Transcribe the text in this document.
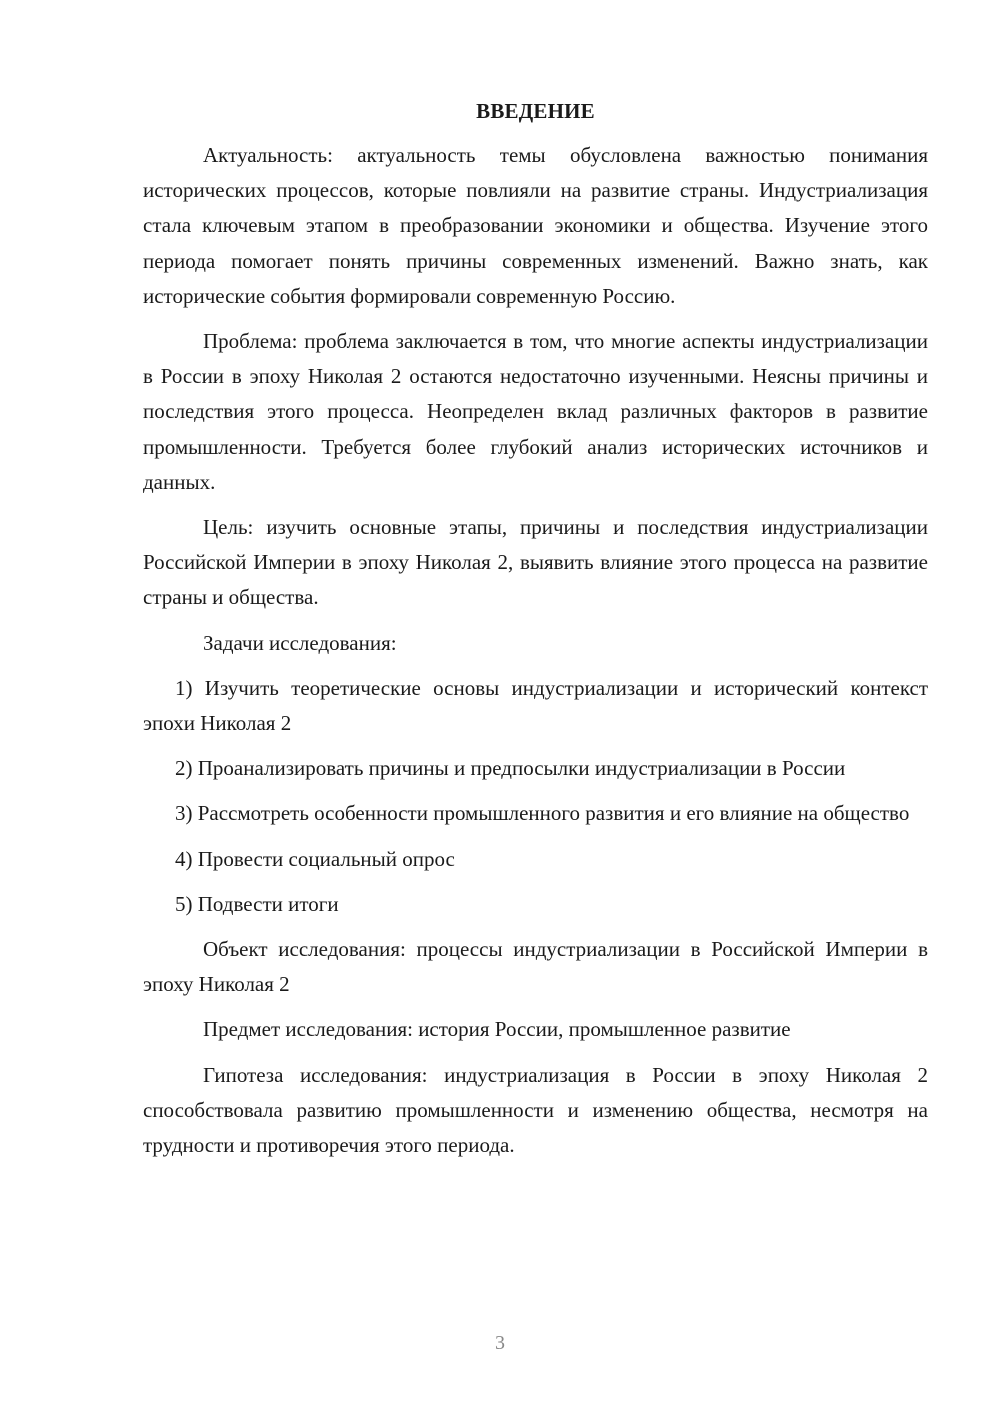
ВВЕДЕНИЕ

Актуальность: актуальность темы обусловлена важностью понимания исторических процессов, которые повлияли на развитие страны. Индустриализация стала ключевым этапом в преобразовании экономики и общества. Изучение этого периода помогает понять причины современных изменений. Важно знать, как исторические события формировали современную Россию.

Проблема: проблема заключается в том, что многие аспекты индустриализации в России в эпоху Николая 2 остаются недостаточно изученными. Неясны причины и последствия этого процесса. Неопределен вклад различных факторов в развитие промышленности. Требуется более глубокий анализ исторических источников и данных.

Цель: изучить основные этапы, причины и последствия индустриализации Российской Империи в эпоху Николая 2, выявить влияние этого процесса на развитие страны и общества.

Задачи исследования:

1) Изучить теоретические основы индустриализации и исторический контекст эпохи Николая 2

2) Проанализировать причины и предпосылки индустриализации в России

3) Рассмотреть особенности промышленного развития и его влияние на общество

4) Провести социальный опрос

5) Подвести итоги

Объект исследования: процессы индустриализации в Российской Империи в эпоху Николая 2

Предмет исследования: история России, промышленное развитие

Гипотеза исследования: индустриализация в России в эпоху Николая 2 способствовала развитию промышленности и изменению общества, несмотря на трудности и противоречия этого периода.

3
